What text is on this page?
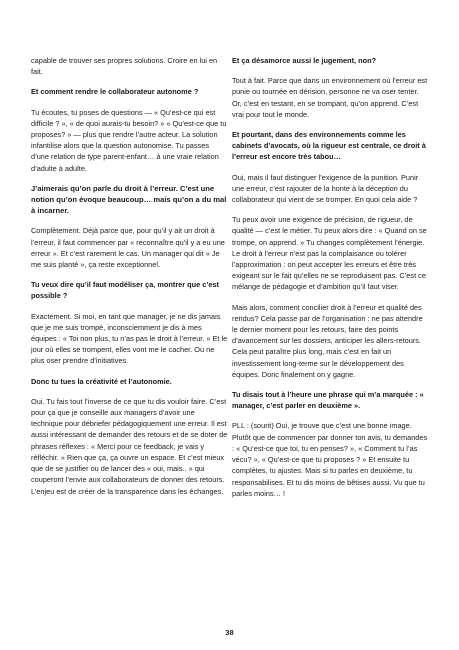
capable de trouver ses propres solutions. Croire en lui en fait.

Et comment rendre le collaborateur autonome ?

Tu écoutes, tu poses de questions — « Qu’est-ce qui est difficile ? », « de quoi aurais-tu besoin? » « Qu’est-ce que tu proposes? » — plus que rendre l’autre acteur. La solution infantilise alors que la question autonomise. Tu passes d’une relation de type parent-enfant… à une vraie relation d’adulte à adulte.

J’aimerais qu’on parle du droit à l’erreur. C’est une notion qu’on évoque beaucoup… mais qu’on a du mal à incarner.

Complètement. Déjà parce que, pour qu’il y ait un droit à l’erreur, il faut commencer par « reconnaître qu’il y a eu une erreur ». Et c’est rarement le cas. Un manager qui dit « Je me suis planté », ça reste exceptionnel.

Tu veux dire qu’il faut modéliser ça, montrer que c’est possible ?

Exactement. Si moi, en tant que manager, je ne dis jamais que je me suis trompé, inconsciemment je dis à mes équipes : « Toi non plus, tu n’as pas le droit à l’erreur. » Et le jour où elles se trompent, elles vont me le cacher. Ou ne plus oser prendre d’initiatives.

Donc tu tues la créativité et l’autonomie.

Oui. Tu fais tout l’inverse de ce que tu dis vouloir faire. C’est pour ça que je conseille aux managers d’avoir une technique pour débriefer pédagogiquement une erreur. Il est aussi intéressant de demander des retours et de se doter de phrases réflexes : « Merci pour ce feedback, je vais y réfléchir. » Rien que ça, ça ouvre un espace. Et c’est mieux que de se justifier ou de lancer des « oui, mais.. » qui couperont l’envie aux collaborateurs de donner des retours. L’enjeu est de créer de la transparence dans les échanges.

Et ça désamorce aussi le jugement, non?

Tout à fait. Parce que dans un environnement où l’erreur est punie ou tournée en dérision, personne ne va oser tenter. Or, c’est en testant, en se trompant, qu’on apprend. C’est vrai pour tout le monde.

Et pourtant, dans des environnements comme les cabinets d’avocats, où la rigueur est centrale, ce droit à l’erreur est encore très tabou…

Oui, mais il faut distinguer l’exigence de la punition. Punir une erreur, c’est rajouter de la honte à la déception du collaborateur qui vient de se tromper. En quoi cela aide ?

Tu peux avoir une exigence de précision, de rigueur, de qualité — c’est le métier. Tu peux alors dire : « Quand on se trompe, on apprend. » Tu changes complètement l’énergie. Le droit à l’erreur n’est pas la complaisance ou tolérer l’approximation : on peut accepter les erreurs et être très exigeant sur le fait qu’elles ne se reproduisent pas. C’est ce mélange de pédagogie et d’ambition qu’il faut viser.

Mais alors, comment concilier droit à l’erreur et qualité des rendus? Cela passe par de l’organisation : ne pas attendre le dernier moment pour les retours, faire des points d’avancement sur les dossiers, anticiper les allers-retours. Cela peut paraître plus long, mais c’est en fait un investissement long-terme sur le développement des équipes. Donc finalement on y gagne.

Tu disais tout à l’heure une phrase qui m’a marquée : « manager, c’est parler en deuxième ».

PLL : (sourit) Oui, je trouve que c’est une bonne image. Plutôt que de commencer par donner ton avis, tu demandes : « Qu’est-ce que toi, tu en penses? », « Comment tu l’as vécu? », « Qu’est-ce que tu proposes ? » Et ensuite tu complètes, tu ajustes. Mais si tu parles en deuxième, tu responsabilises. Et tu dis moins de bêtises aussi. Vu que tu parles moins… !

38
